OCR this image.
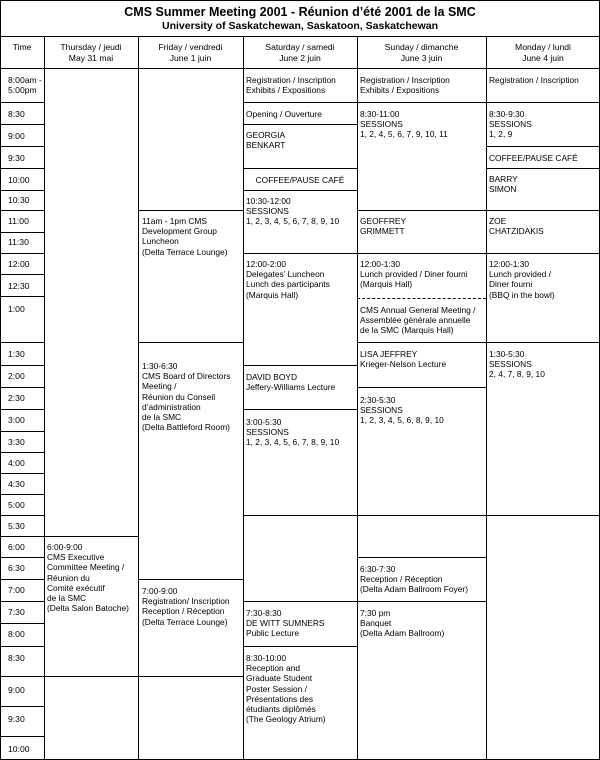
CMS Summer Meeting 2001 - Réunion d’été 2001 de la SMC
University of Saskatchewan, Saskatoon, Saskatchewan
Time	Thursday / jeudi
May 31 mai
Friday / vendredi
June 1 juin
Saturday / samedi
June 2 juin
Sunday / dimanche
June 3 juin
Monday / lundi
June 4 juin
8:00am -
5:00pm
8:30
9:00
9:30
10:00
10:30
11:00
11:30
12:00
12:30
1:00
1:30
2:00
2:30
3:00
3:30
4:00
4:30
5:00
5:30
6:00
6:30
7:00
7:30
8:00
8:30
9:00
9:30
10:00
6:00-9:00
CMS Executive
Committee Meeting /
Réunion du
Comité exécutif
de la SMC
(Delta Salon Batoche)
11am - 1pm CMS
Development Group
Luncheon
(Delta Terrace Lounge)
1:30-6:30
CMS Board of Directors
Meeting /
Réunion du Conseil
d’administration
de la SMC
(Delta Battleford Room)
7:00-9:00
Registration/ Inscription
Reception / Réception
(Delta Terrace Lounge)
Registration / Inscription
Exhibits / Expositions
Opening / Ouverture
GEORGIA
BENKART
COFFEE/PAUSE CAFÉ
10:30-12:00
SESSIONS
1, 2, 3, 4, 5, 6, 7, 8, 9, 10
12:00-2:00
Delegates’ Luncheon
Lunch des participants
(Marquis Hall)
DAVID BOYD
Jeffery-Williams Lecture
3:00-5:30
SESSIONS
1, 2, 3, 4, 5, 6, 7, 8, 9, 10
7:30-8:30
DE WITT SUMNERS
Public Lecture
8:30-10:00
Reception and
Graduate Student
Poster Session /
Présentations des
étudiants diplômés
(The Geology Atrium)
Registration / Inscription
Exhibits / Expositions
8:30-11:00
SESSIONS
1, 2, 4, 5, 6, 7, 9, 10, 11
GEOFFREY
GRIMMETT
12:00-1:30
Lunch provided / Diner fourni
(Marquis Hall)
CMS Annual General Meeting /
Assemblée générale annuelle
de la SMC (Marquis Hall)
LISA JEFFREY
Krieger-Nelson Lecture
2:30-5:30
SESSIONS
1, 2, 3, 4, 5, 6, 8, 9, 10
6:30-7:30
Reception / Réception
(Delta Adam Ballroom Foyer)
7:30 pm
Banquet
(Delta Adam Ballroom)
Registration / Inscription
8:30-9:30
SESSIONS
1, 2, 9
COFFEE/PAUSE CAFÉ
BARRY
SIMON
ZOE
CHATZIDAKIS
12:00-1:30
Lunch provided /
Diner fourni
(BBQ in the bowl)
1:30-5:30
SESSIONS
2, 4, 7, 8, 9, 10
